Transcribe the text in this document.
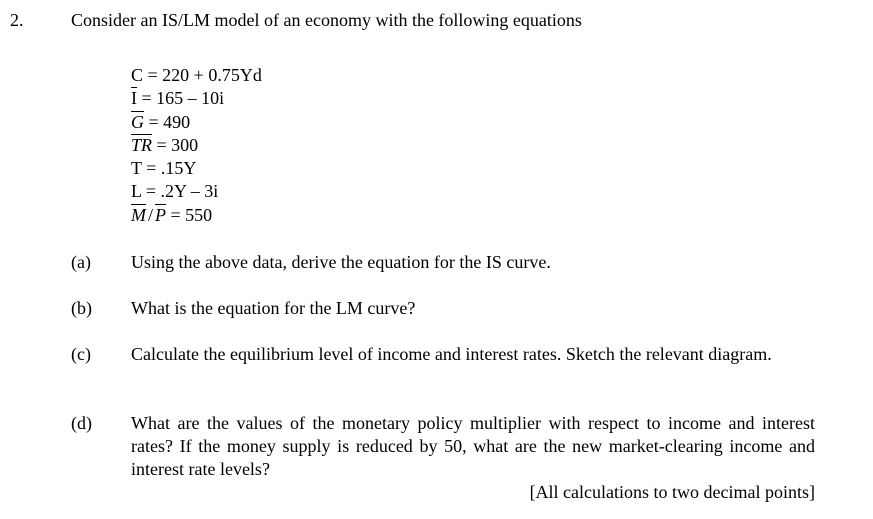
2.	Consider an IS/LM model of an economy with the following equations
C = 220 + 0.75Yd
$\overline{I} = 165 - 10i$
$\overline{G} = 490$
$\overline{TR} = 300$
T = .15Y
L = .2Y – 3i
$\overline{M} / \overline{P} = 550$
(a) Using the above data, derive the equation for the IS curve.
(b) What is the equation for the LM curve?
(c) Calculate the equilibrium level of income and interest rates. Sketch the relevant diagram.
(d) What are the values of the monetary policy multiplier with respect to income and interest rates? If the money supply is reduced by 50, what are the new market-clearing income and interest rate levels?
[All calculations to two decimal points]
